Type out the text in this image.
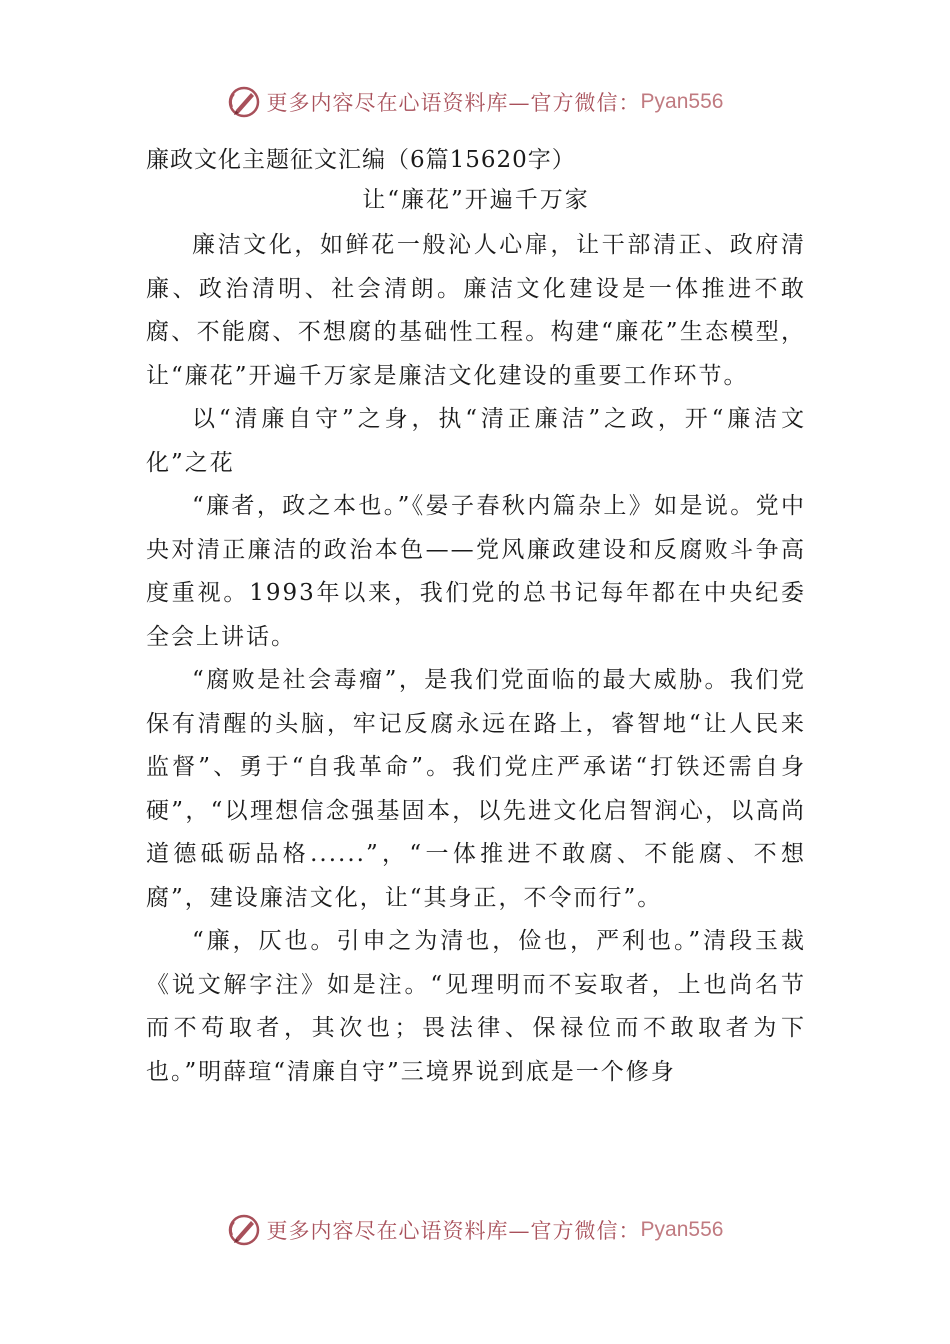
更多内容尽在心语资料库—官方微信： Pyan556
廉政文化主题征文汇编（6篇15620字）
让“廉花”开遍千万家

廉洁文化，如鲜花一般沁人心扉，让干部清正、政府清廉、政治清明、社会清朗。廉洁文化建设是一体推进不敢腐、不能腐、不想腐的基础性工程。构建“廉花”生态模型，让“廉花”开遍千万家是廉洁文化建设的重要工作环节。

以“清廉自守”之身，执“清正廉洁”之政，开“廉洁文化”之花

“廉者，政之本也。”《晏子春秋内篇杂上》如是说。党中央对清正廉洁的政治本色——党风廉政建设和反腐败斗争高度重视。1993年以来，我们党的总书记每年都在中央纪委全会上讲话。

“腐败是社会毒瘤”，是我们党面临的最大威胁。我们党保有清醒的头脑，牢记反腐永远在路上，睿智地“让人民来监督”、勇于“自我革命”。我们党庄严承诺“打铁还需自身硬”，“以理想信念强基固本，以先进文化启智润心，以高尚道德砥砺品格......”，“一体推进不敢腐、不能腐、不想腐”，建设廉洁文化，让“其身正，不令而行”。

“廉，仄也。引申之为清也，俭也，严利也。”清段玉裁《说文解字注》如是注。“见理明而不妄取者，上也尚名节而不苟取者，其次也；畏法律、保禄位而不敢取者为下也。”明薛瑄“清廉自守”三境界说到底是一个修身

更多内容尽在心语资料库—官方微信： Pyan556
